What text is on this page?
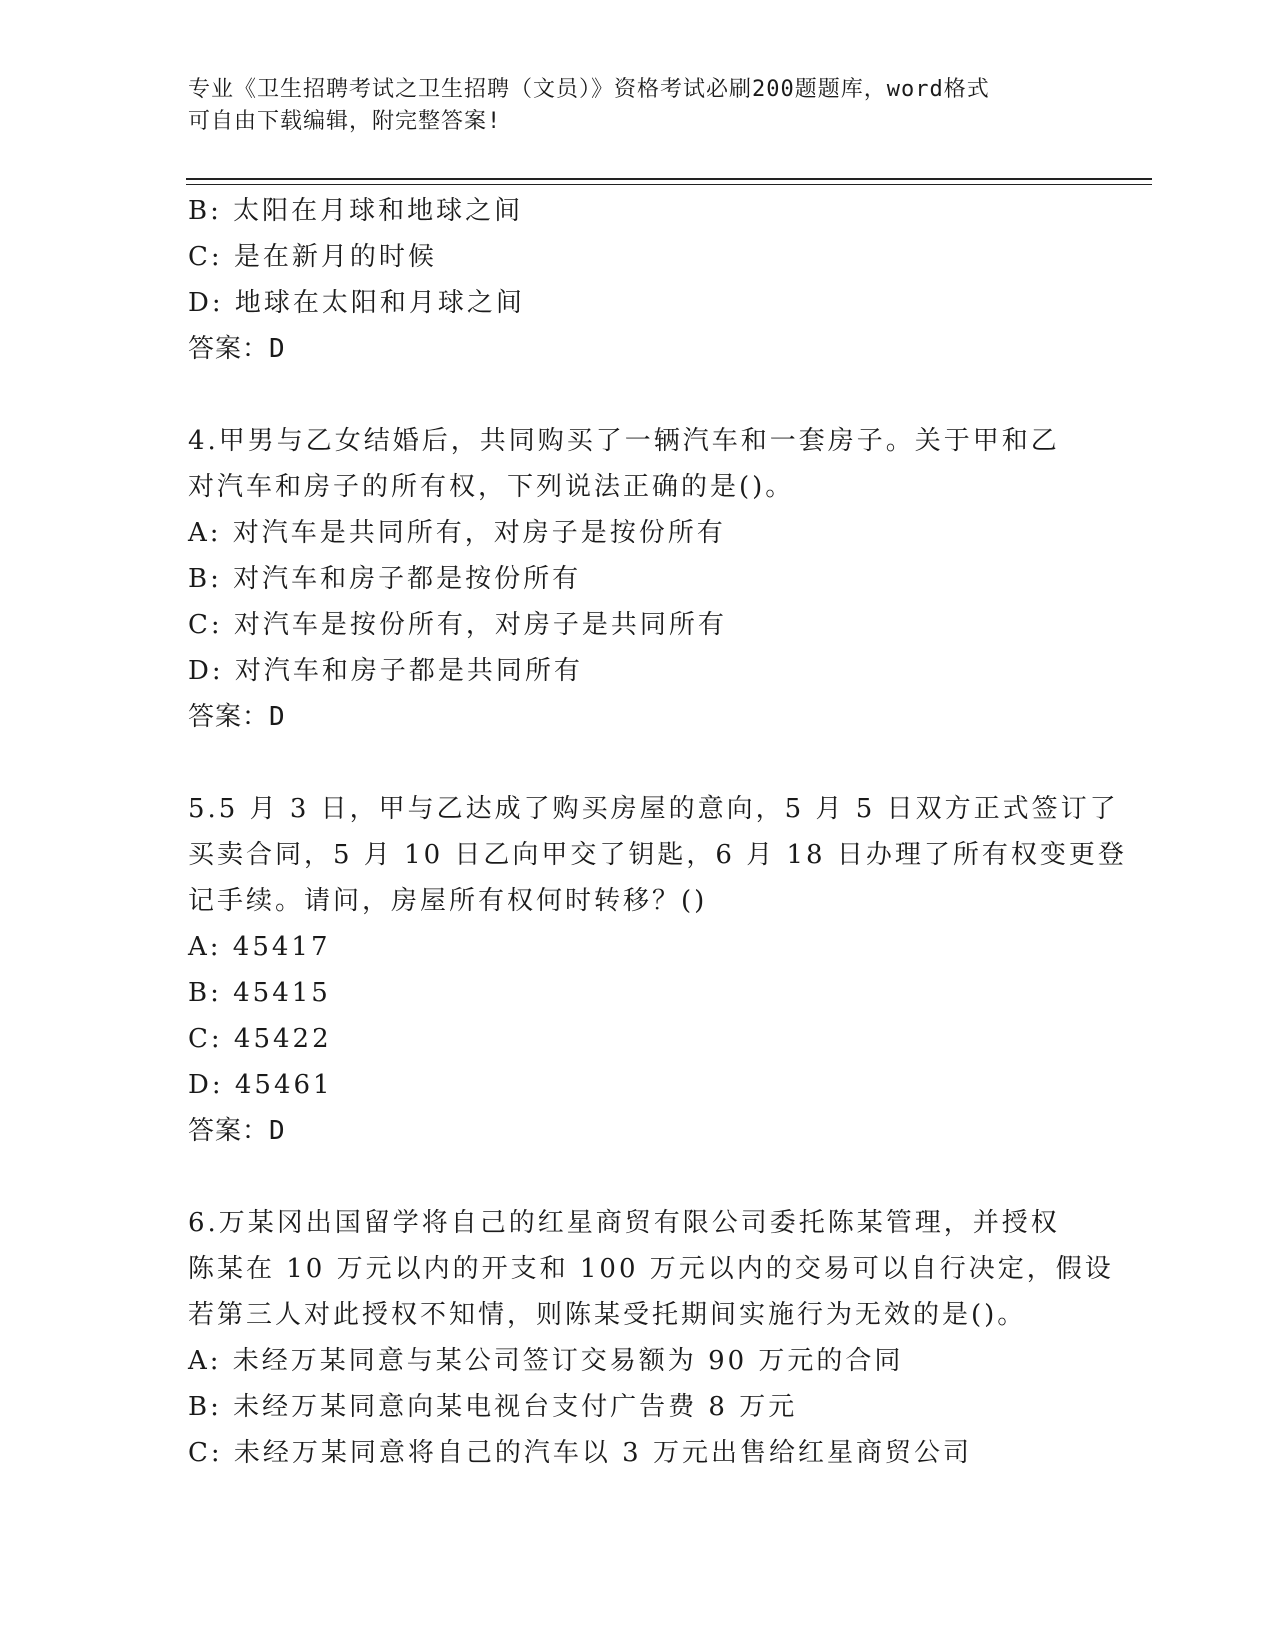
专业《卫生招聘考试之卫生招聘（文员）》资格考试必刷200题题库，word格式
可自由下载编辑，附完整答案!
B: 太阳在月球和地球之间
C: 是在新月的时候
D: 地球在太阳和月球之间
答案：D
4.甲男与乙女结婚后，共同购买了一辆汽车和一套房子。关于甲和乙
对汽车和房子的所有权，下列说法正确的是()。
A: 对汽车是共同所有，对房子是按份所有
B: 对汽车和房子都是按份所有
C: 对汽车是按份所有，对房子是共同所有
D: 对汽车和房子都是共同所有
答案：D
5.5 月 3 日，甲与乙达成了购买房屋的意向，5 月 5 日双方正式签订了
买卖合同，5 月 10 日乙向甲交了钥匙，6 月 18 日办理了所有权变更登
记手续。请问，房屋所有权何时转移？()
A: 45417
B: 45415
C: 45422
D: 45461
答案：D
6.万某冈出国留学将自己的红星商贸有限公司委托陈某管理，并授权
陈某在 10 万元以内的开支和 100 万元以内的交易可以自行决定，假设
若第三人对此授权不知情，则陈某受托期间实施行为无效的是()。
A: 未经万某同意与某公司签订交易额为 90 万元的合同
B: 未经万某同意向某电视台支付广告费 8 万元
C: 未经万某同意将自己的汽车以 3 万元出售给红星商贸公司
